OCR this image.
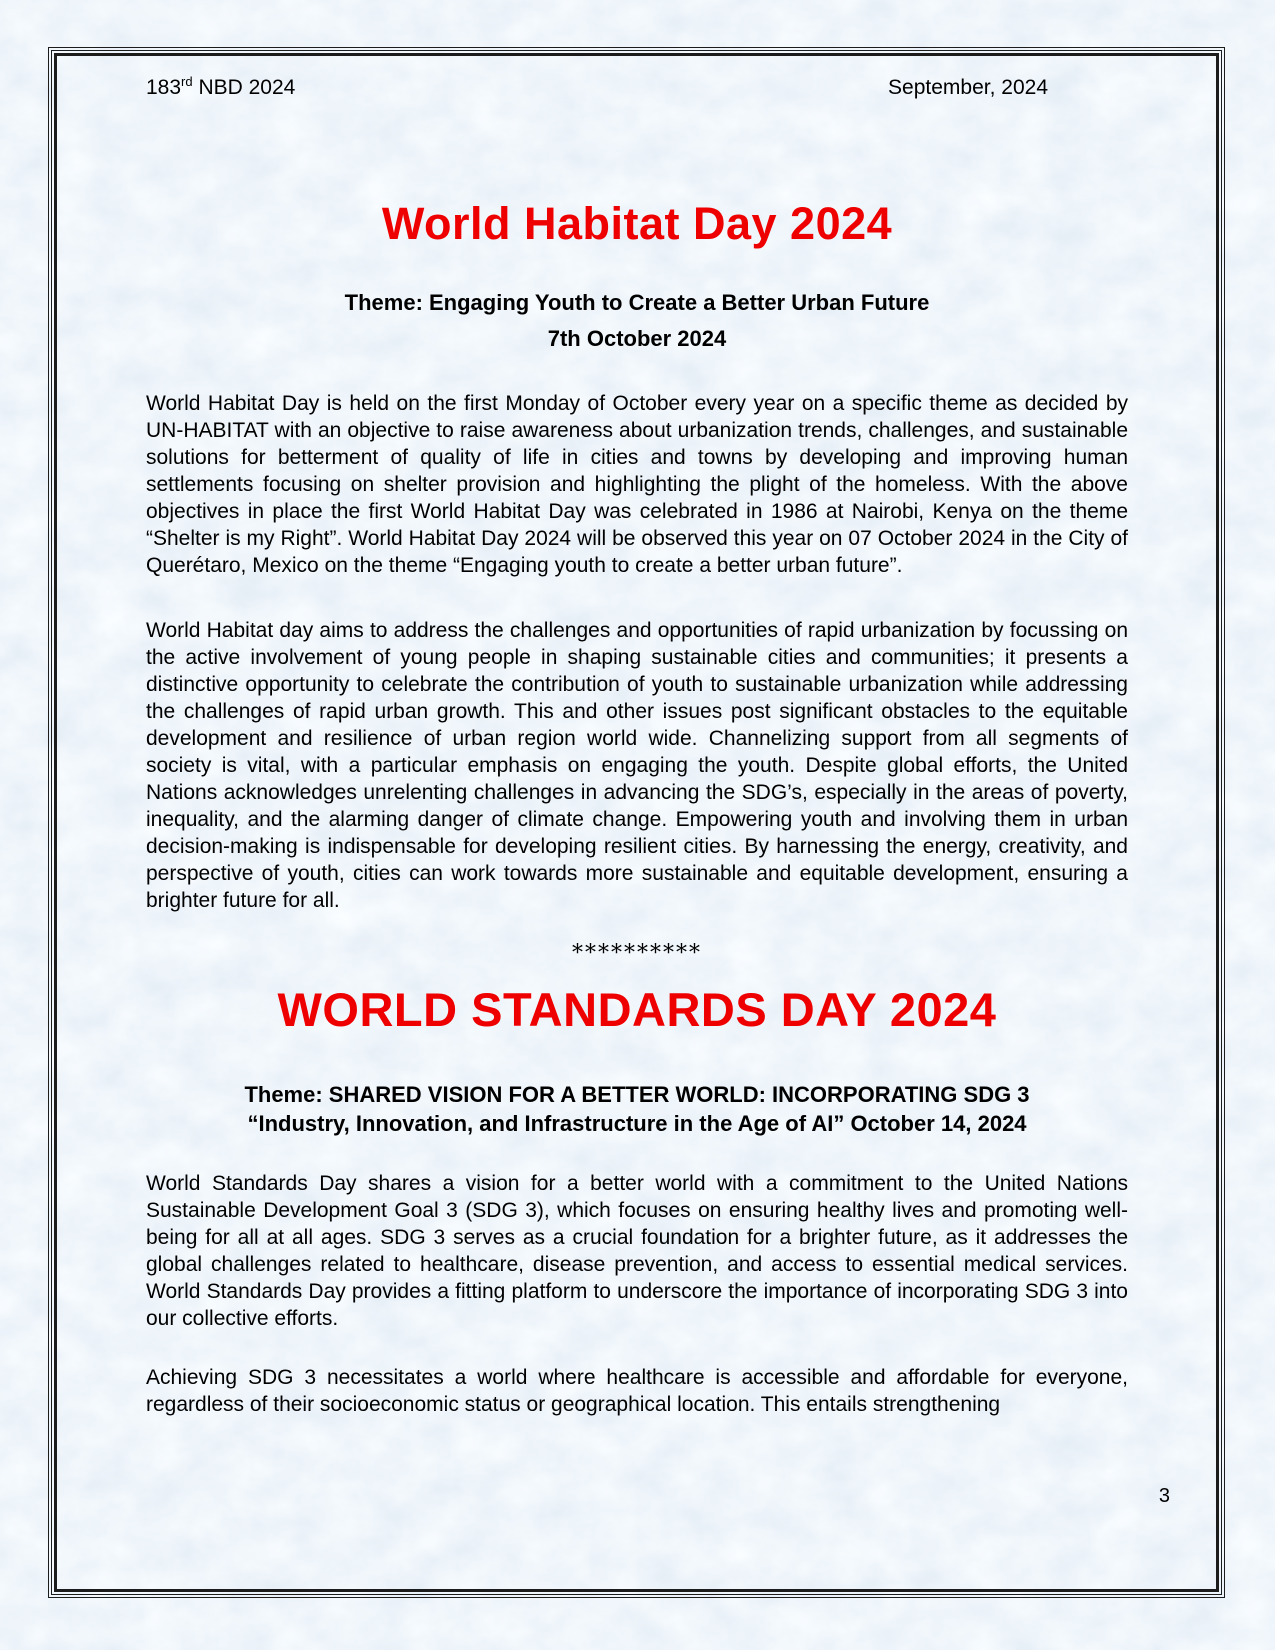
183rd NBD 2024	September, 2024
World Habitat Day 2024

Theme: Engaging Youth to Create a Better Urban Future

7th October 2024

World Habitat Day is held on the first Monday of October every year on a specific theme as decided by UN-HABITAT with an objective to raise awareness about urbanization trends, challenges, and sustainable solutions for betterment of quality of life in cities and towns by developing and improving human settlements focusing on shelter provision and highlighting the plight of the homeless. With the above objectives in place the first World Habitat Day was celebrated in 1986 at Nairobi, Kenya on the theme “Shelter is my Right”. World Habitat Day 2024 will be observed this year on 07 October 2024 in the City of Querétaro, Mexico on the theme “Engaging youth to create a better urban future”.

World Habitat day aims to address the challenges and opportunities of rapid urbanization by focussing on the active involvement of young people in shaping sustainable cities and communities; it presents a distinctive opportunity to celebrate the contribution of youth to sustainable urbanization while addressing the challenges of rapid urban growth. This and other issues post significant obstacles to the equitable development and resilience of urban region world wide. Channelizing support from all segments of society is vital, with a particular emphasis on engaging the youth. Despite global efforts, the United Nations acknowledges unrelenting challenges in advancing the SDG’s, especially in the areas of poverty, inequality, and the alarming danger of climate change. Empowering youth and involving them in urban decision-making is indispensable for developing resilient cities. By harnessing the energy, creativity, and perspective of youth, cities can work towards more sustainable and equitable development, ensuring a brighter future for all.

**********
WORLD STANDARDS DAY 2024

Theme: SHARED VISION FOR A BETTER WORLD: INCORPORATING SDG 3

“Industry, Innovation, and Infrastructure in the Age of AI” October 14, 2024

World Standards Day shares a vision for a better world with a commitment to the United Nations Sustainable Development Goal 3 (SDG 3), which focuses on ensuring healthy lives and promoting well-being for all at all ages. SDG 3 serves as a crucial foundation for a brighter future, as it addresses the global challenges related to healthcare, disease prevention, and access to essential medical services. World Standards Day provides a fitting platform to underscore the importance of incorporating SDG 3 into our collective efforts.

Achieving SDG 3 necessitates a world where healthcare is accessible and affordable for everyone, regardless of their socioeconomic status or geographical location. This entails strengthening

3
